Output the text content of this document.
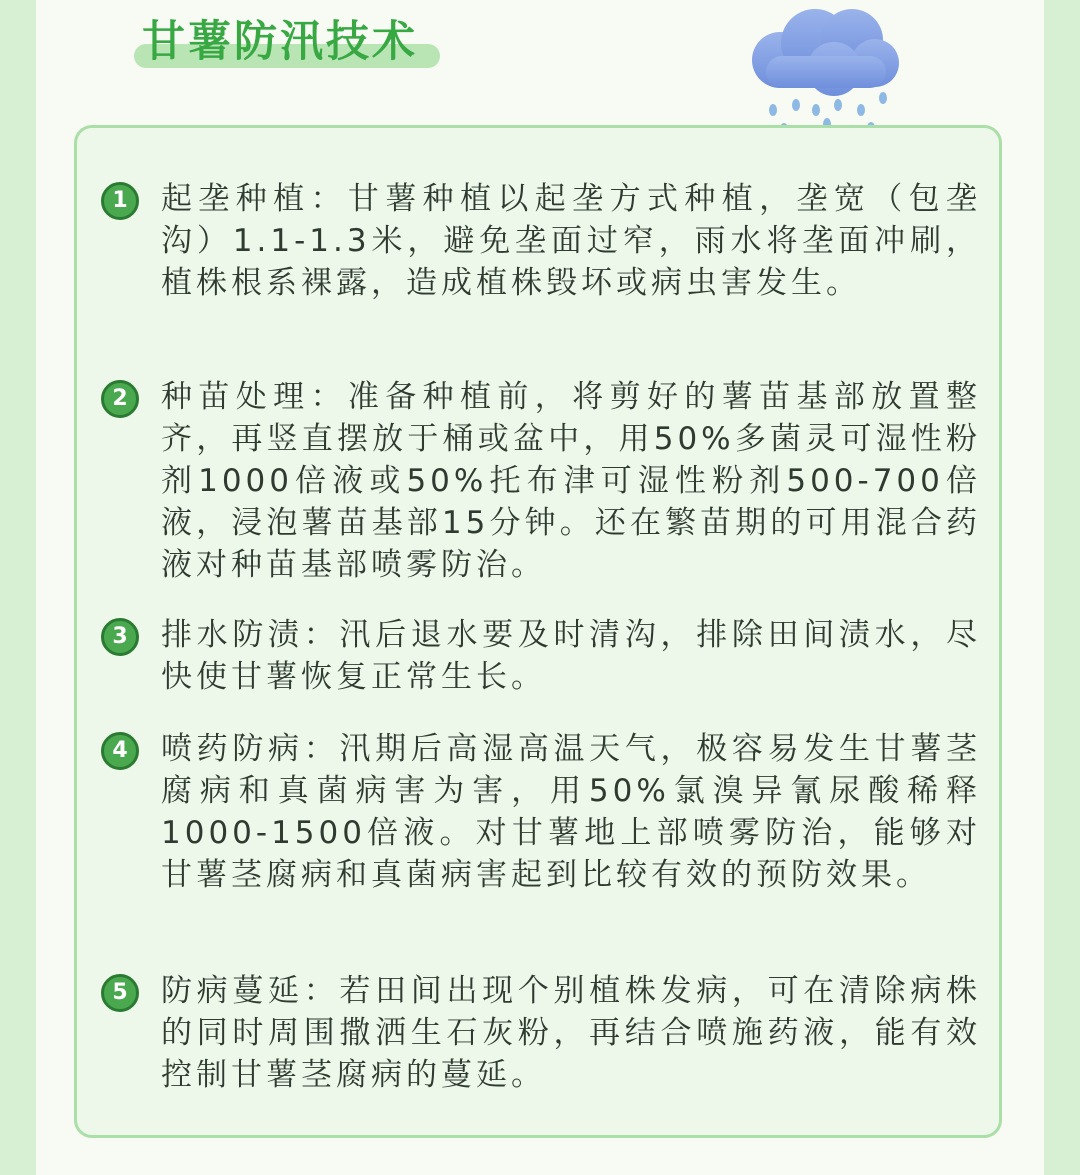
甘薯防汛技术
1	起垄种植：甘薯种植以起垄方式种植，垄宽（包垄沟）1.1-1.3米，避免垄面过窄，雨水将垄面冲刷，植株根系裸露，造成植株毁坏或病虫害发生。

2	种苗处理：准备种植前，将剪好的薯苗基部放置整齐，再竖直摆放于桶或盆中，用50%多菌灵可湿性粉剂1000倍液或50%托布津可湿性粉剂500-700倍液，浸泡薯苗基部15分钟。还在繁苗期的可用混合药液对种苗基部喷雾防治。

3	排水防渍：汛后退水要及时清沟，排除田间渍水，尽快使甘薯恢复正常生长。

4	喷药防病：汛期后高湿高温天气，极容易发生甘薯茎腐病和真菌病害为害，用50%氯溴异氰尿酸稀释1000-1500倍液。对甘薯地上部喷雾防治，能够对甘薯茎腐病和真菌病害起到比较有效的预防效果。

5	防病蔓延：若田间出现个别植株发病，可在清除病株的同时周围撒洒生石灰粉，再结合喷施药液，能有效控制甘薯茎腐病的蔓延。
